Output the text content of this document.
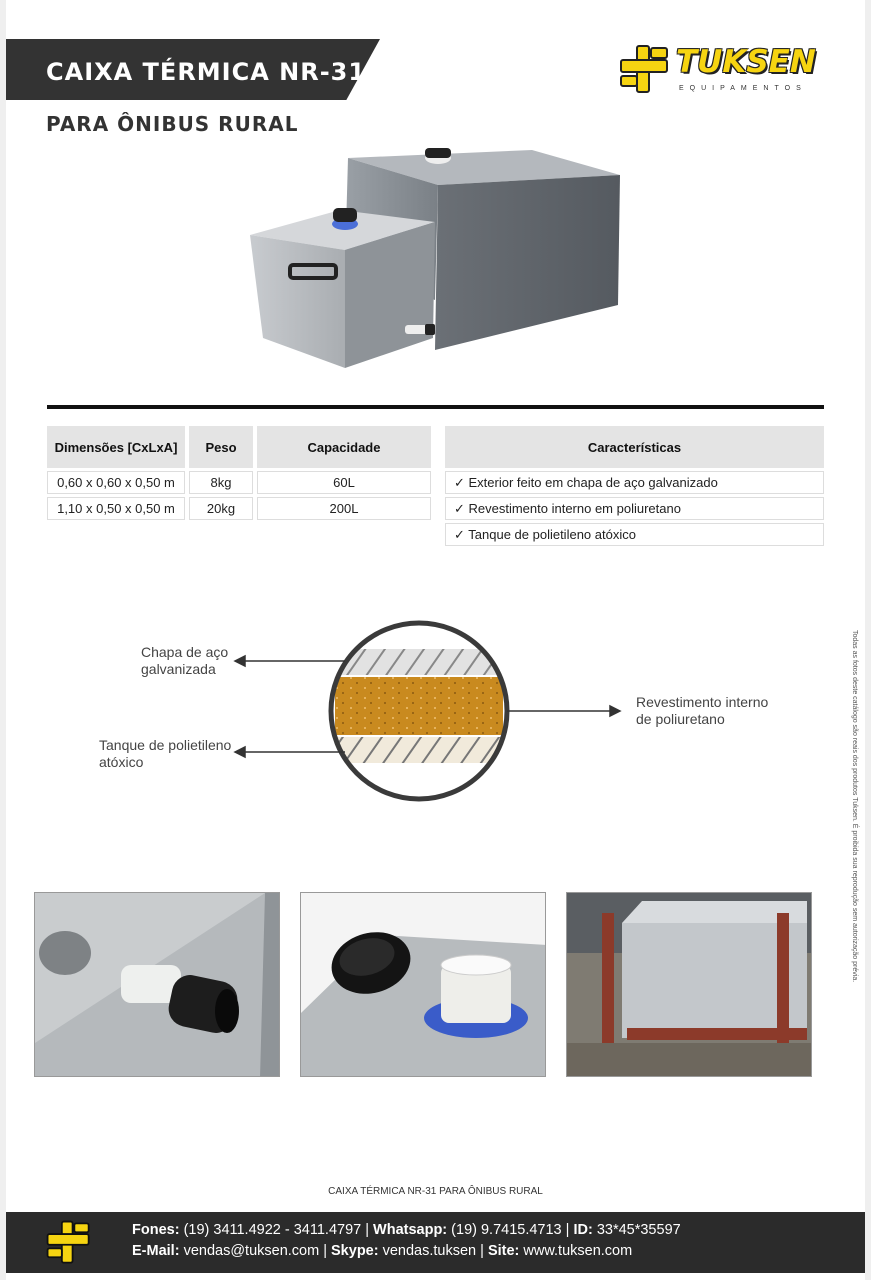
CAIXA TÉRMICA NR-31
PARA ÔNIBUS RURAL
TUKSEN
EQUIPAMENTOS
Dimensões [CxLxA]	Peso	Capacidade
0,60 x 0,60 x 0,50 m	8kg	60L
1,10 x 0,50 x 0,50 m	20kg	200L
Características
✓ Exterior feito em chapa de aço galvanizado
✓ Revestimento interno em poliuretano
✓ Tanque de polietileno atóxico
Chapa de aço
galvanizada
Tanque de polietileno
atóxico
Revestimento interno
de poliuretano	Todas as fotos deste catálogo são reais dos produtos Tuksen. É proibida sua reprodução sem autorização prévia.
CAIXA TÉRMICA NR-31 PARA ÔNIBUS RURAL
Fones: (19) 3411.4922 - 3411.4797 | Whatsapp: (19) 9.7415.4713 | ID: 33*45*35597
E-Mail: vendas@tuksen.com | Skype: vendas.tuksen | Site: www.tuksen.com
